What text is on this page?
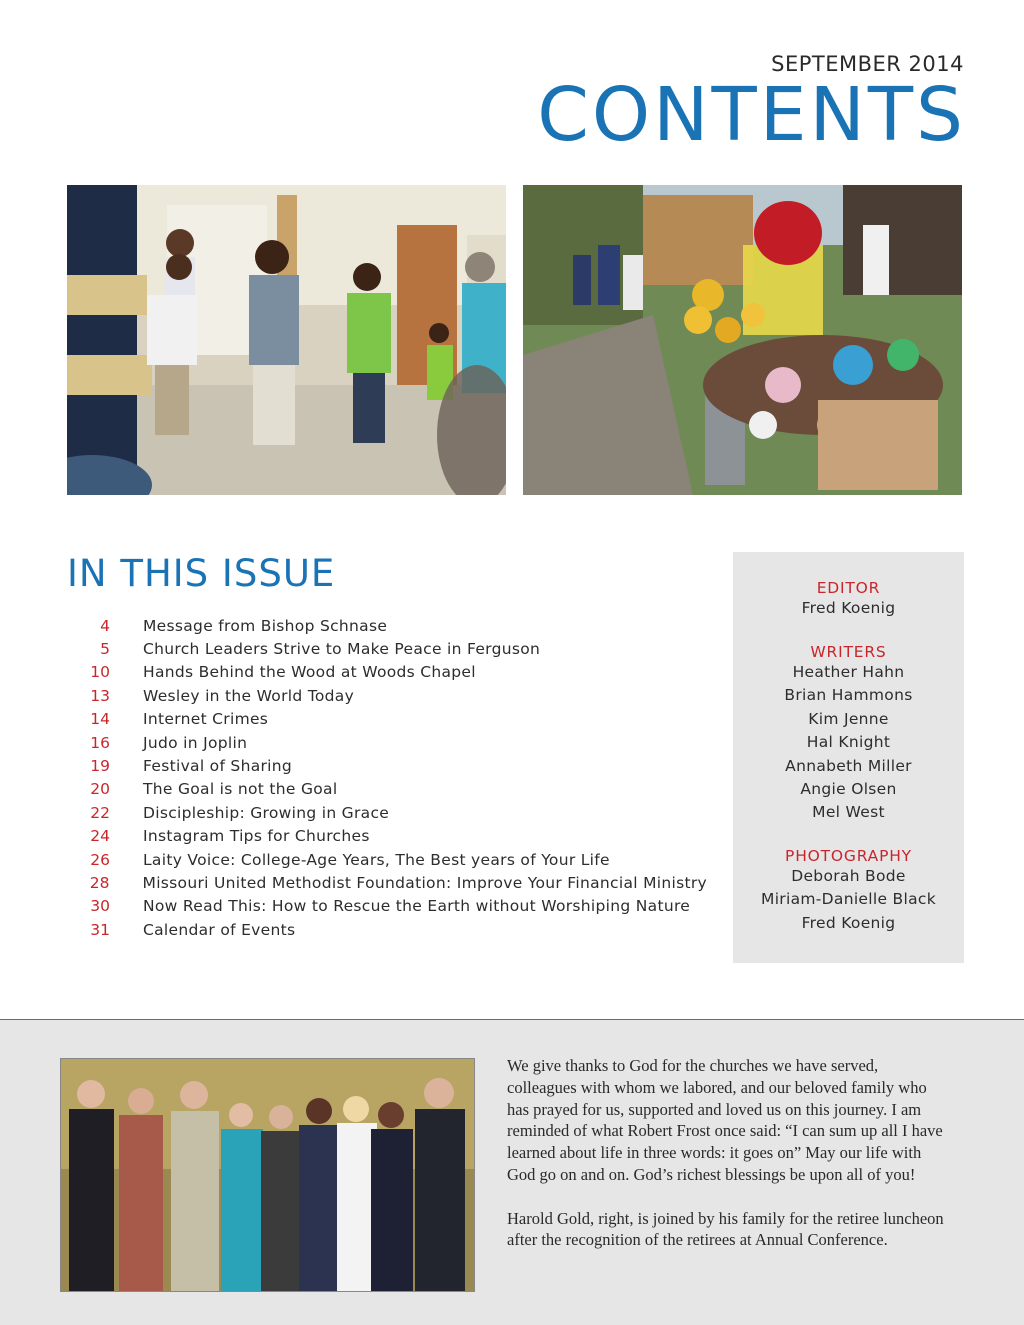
SEPTEMBER 2014
CONTENTS
IN THIS ISSUE
4 Message from Bishop Schnase
5 Church Leaders Strive to Make Peace in Ferguson
10 Hands Behind the Wood at Woods Chapel
13 Wesley in the World Today
14 Internet Crimes
16 Judo in Joplin
19 Festival of Sharing
20 The Goal is not the Goal
22 Discipleship: Growing in Grace
24 Instagram Tips for Churches
26 Laity Voice: College-Age Years, The Best years of Your Life
28 Missouri United Methodist Foundation: Improve Your Financial Ministry
30 Now Read This: How to Rescue the Earth without Worshiping Nature
31 Calendar of Events
EDITOR
Fred Koenig
WRITERS
Heather Hahn
Brian Hammons
Kim Jenne
Hal Knight
Annabeth Miller
Angie Olsen
Mel West
PHOTOGRAPHY
Deborah Bode
Miriam-Danielle Black
Fred Koenig

We give thanks to God for the churches we have served, colleagues with whom we labored, and our beloved family who has prayed for us, supported and loved us on this journey. I am reminded of what Robert Frost once said: “I can sum up all I have learned about life in three words: it goes on” May our life with God go on and on. God’s richest blessings be upon all of you!

Harold Gold, right, is joined by his family for the retiree luncheon after the recognition of the retirees at Annual Conference.
